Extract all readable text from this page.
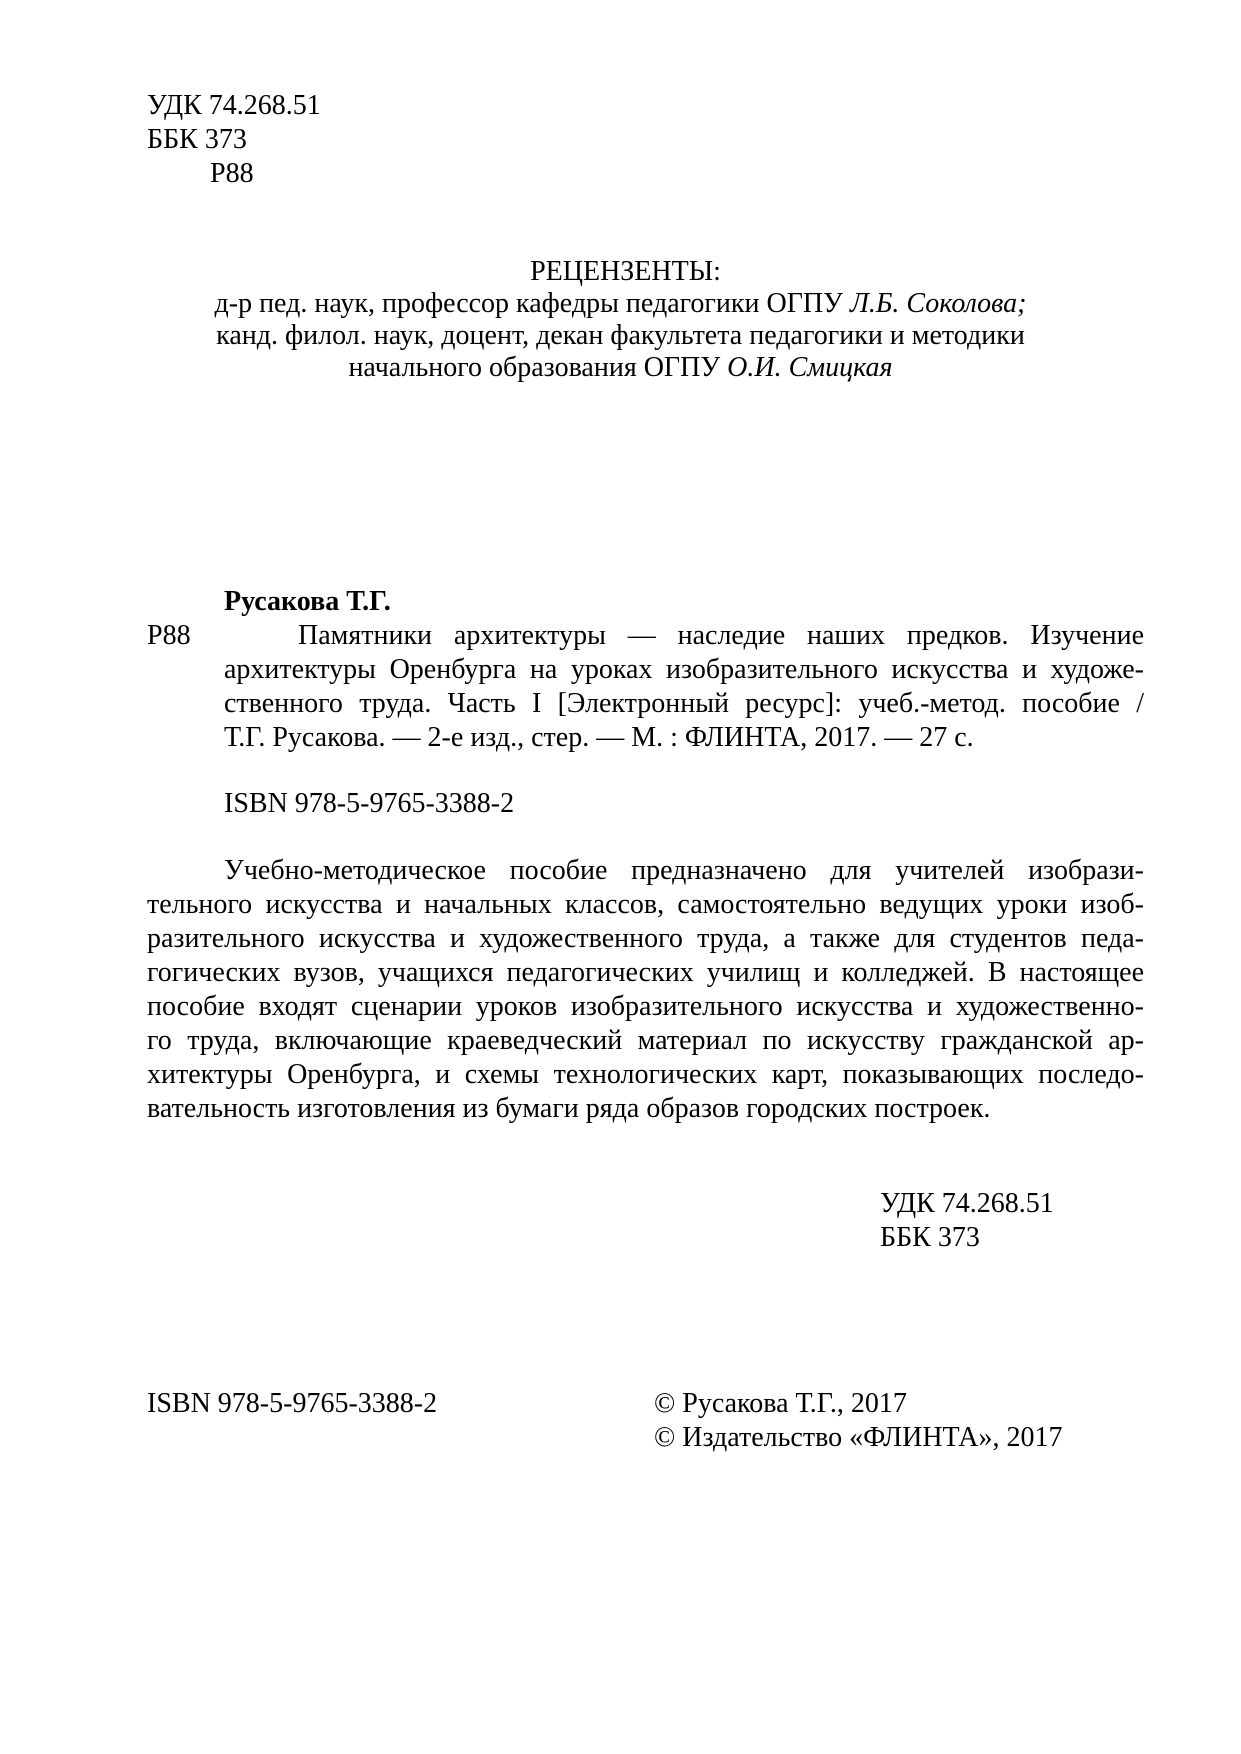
УДК 74.268.51
ББК 373
Р88
РЕЦЕНЗЕНТЫ:
д-р пед. наук, профессор кафедры педагогики ОГПУ Л.Б. Соколова;
канд. филол. наук, доцент, декан факультета педагогики и методики
начального образования ОГПУ О.И. Смицкая
Русакова Т.Г.
Р88	Памятники архитектуры — наследие наших предков. Изучение
архитектуры Оренбурга на уроках изобразительного искусства и художе-
ственного труда. Часть I [Электронный ресурс]: учеб.-метод. пособие /
Т.Г. Русакова. — 2-е изд., стер. — М. : ФЛИНТА, 2017. — 27 с.
ISBN 978-5-9765-3388-2
Учебно-методическое пособие предназначено для учителей изобрази-
тельного искусства и начальных классов, самостоятельно ведущих уроки изоб-
разительного искусства и художественного труда, а также для студентов педа-
гогических вузов, учащихся педагогических училищ и колледжей. В настоящее
пособие входят сценарии уроков изобразительного искусства и художественно-
го труда, включающие краеведческий материал по искусству гражданской ар-
хитектуры Оренбурга, и схемы технологических карт, показывающих последо-
вательность изготовления из бумаги ряда образов городских построек.
УДК 74.268.51
ББК 373
ISBN 978-5-9765-3388-2	© Русакова Т.Г., 2017
© Издательство «ФЛИНТА», 2017
